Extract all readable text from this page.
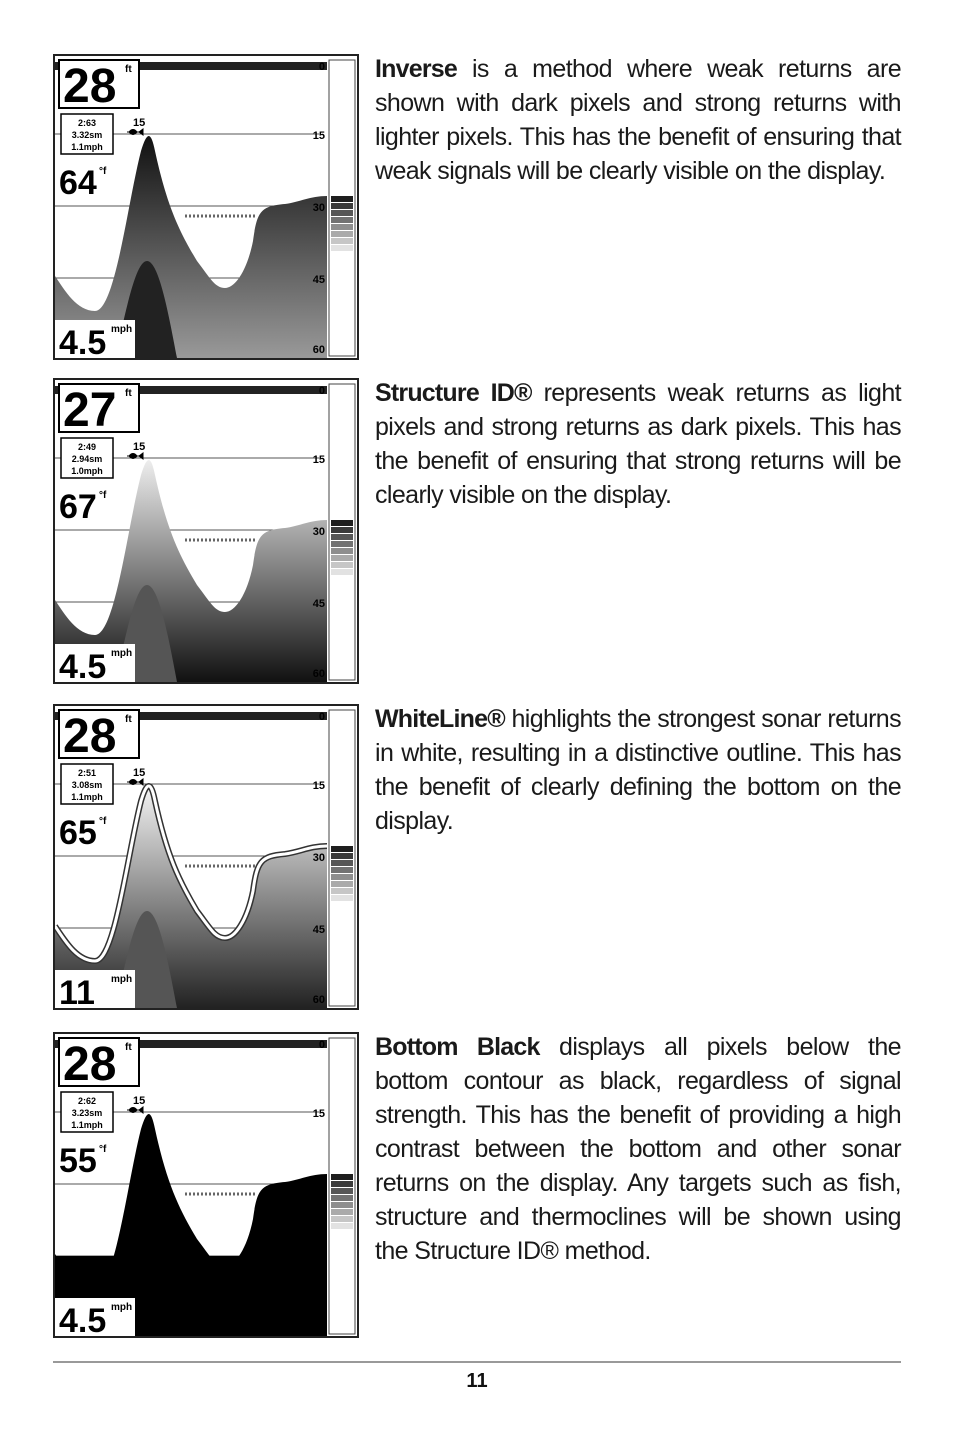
0
15
30
45
60
28 ft
2:63
3.32sm
1.1mph
15
64 °f
4.5 mph
Inverse is a method where weak returns are shown with dark pixels and strong returns with lighter pixels. This has the benefit of ensuring that weak signals will be clearly visible on the display.
0
15
30
45
60
27 ft
2:49
2.94sm
1.0mph
15
67 °f
4.5 mph
Structure ID® represents weak returns as light pixels and strong returns as dark pixels. This has the benefit of ensuring that strong returns will be clearly visible on the display.
0
15
30
45
60
28 ft
2:51
3.08sm
1.1mph
15
65 °f
11 mph
WhiteLine® highlights the strongest sonar returns in white, resulting in a distinctive outline. This has the benefit of clearly defining the bottom on the display.
0
15
30
45
60
28 ft
2:62
3.23sm
1.1mph
15
55 °f
4.5 mph
Bottom Black displays all pixels below the bottom contour as black, regardless of signal strength. This has the benefit of providing a high contrast between the bottom and other sonar returns on the display. Any targets such as fish, structure and thermoclines will be shown using the Structure ID® method.
11
